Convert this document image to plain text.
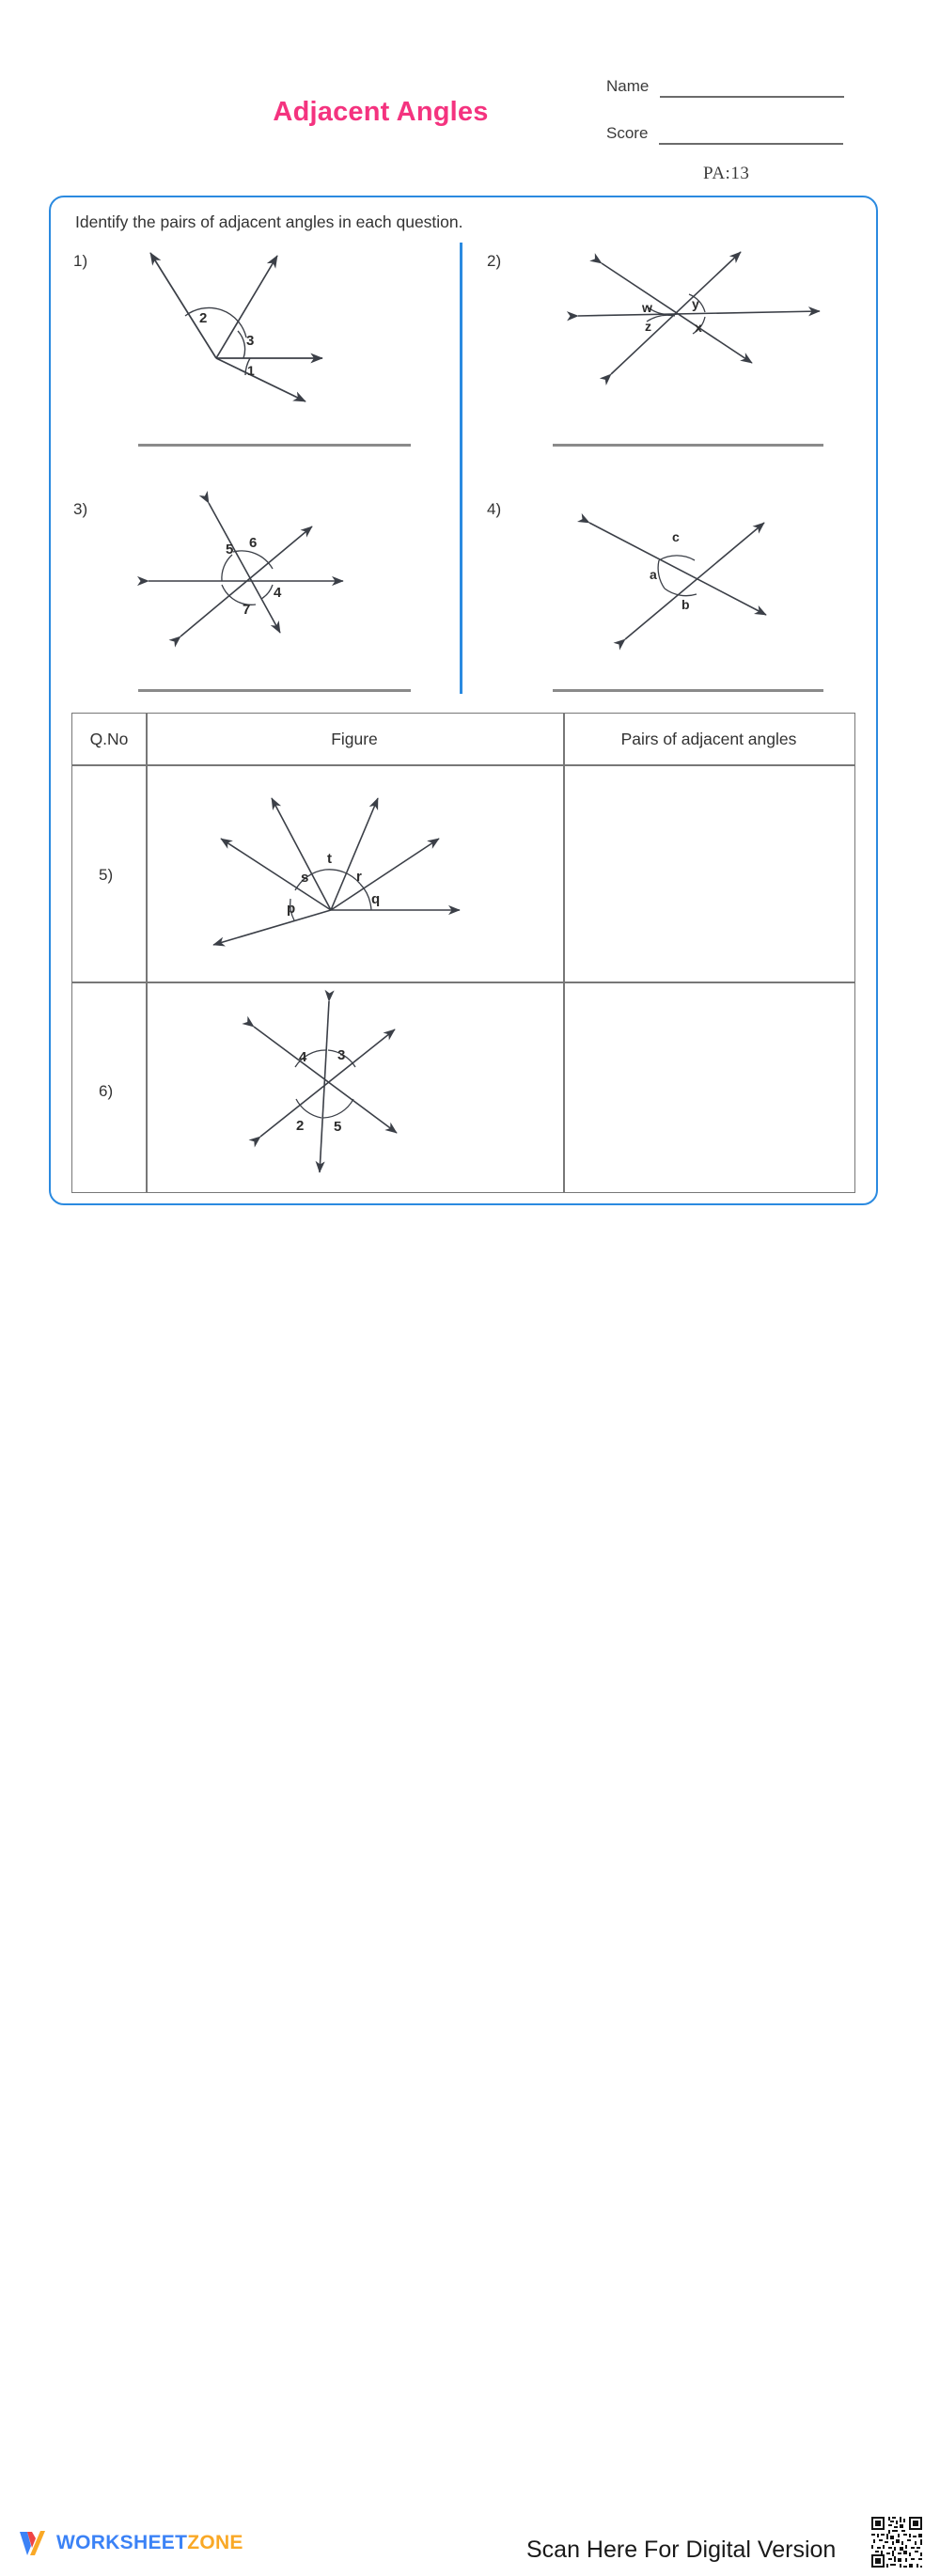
Adjacent Angles
Name
Score
PA:13
Identify the pairs of adjacent angles in each question.
1)
2
3
1
2)
w
z
y
x
3)
5 6
4
7
4)
c
a
b
Q.No	Figure	Pairs of adjacent angles
5)
6)
p
s
t
r
q
4 3
2 5
WORKSHEETZONE	Scan Here For Digital Version
